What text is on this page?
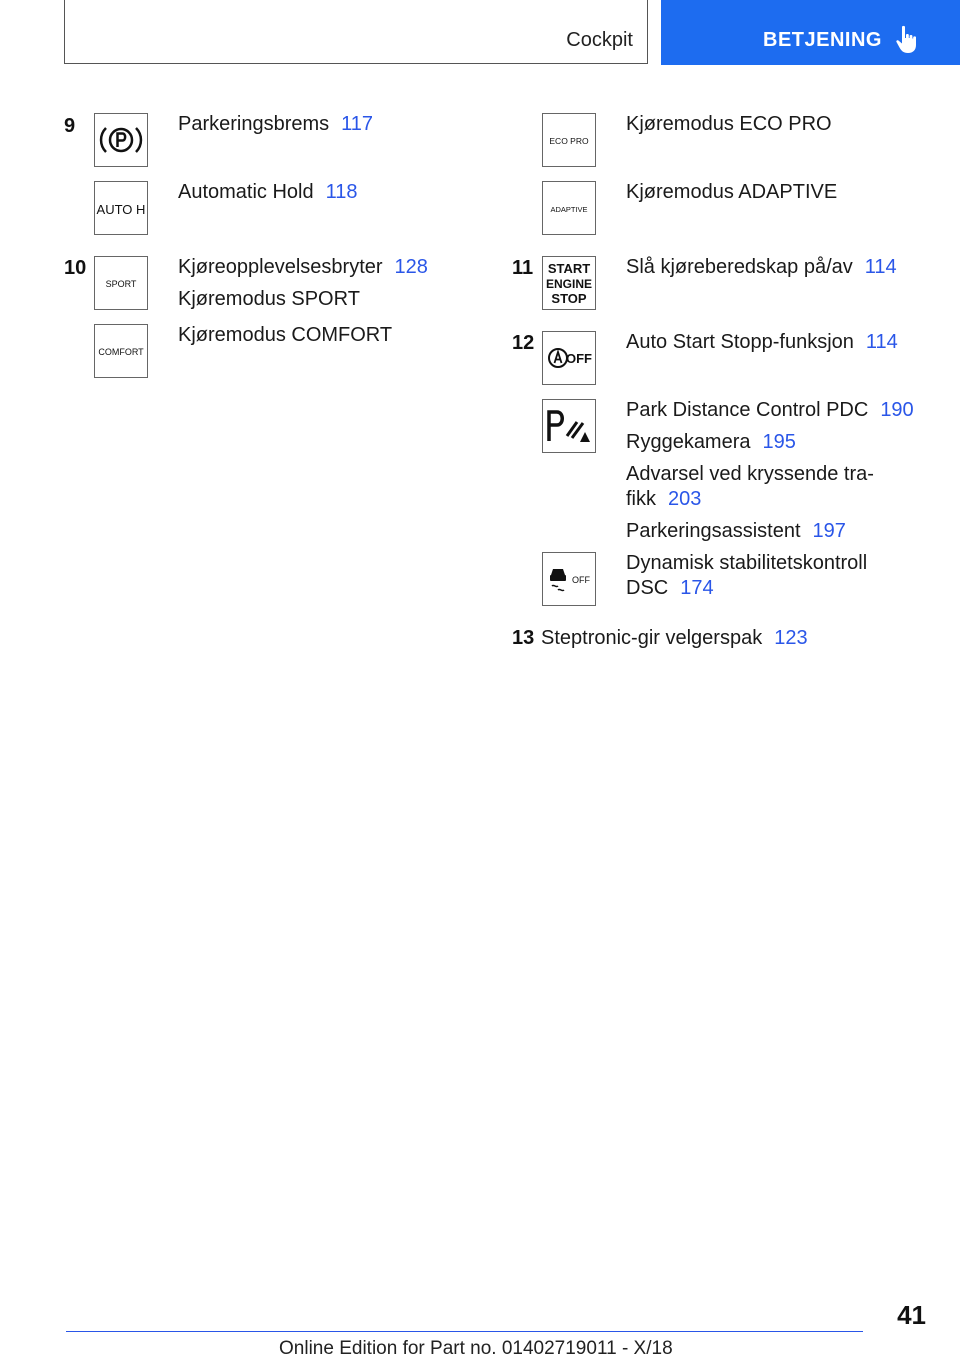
Cockpit	BETJENING
9	Parkeringsbrems 117
AUTO H
Automatic Hold 118
10
SPORT
Kjøreopplevelsesbryter 128
Kjøremodus SPORT
COMFORT
Kjøremodus COMFORT
ECO PRO
Kjøremodus ECO PRO
ADAPTIVE
Kjøremodus ADAPTIVE
11 START
ENGINE
STOP
Slå kjøreberedskap på/av 114
12
OFF
Auto Start Stopp-funksjon 114
Park Distance Control PDC 190
Ryggekamera 195
Advarsel ved kryssende tra-
fikk 203
Parkeringsassistent 197
OFF
Dynamisk stabilitetskontroll
DSC 174
13 Steptronic-gir velgerspak 123
41
Online Edition for Part no. 01402719011 - X/18
